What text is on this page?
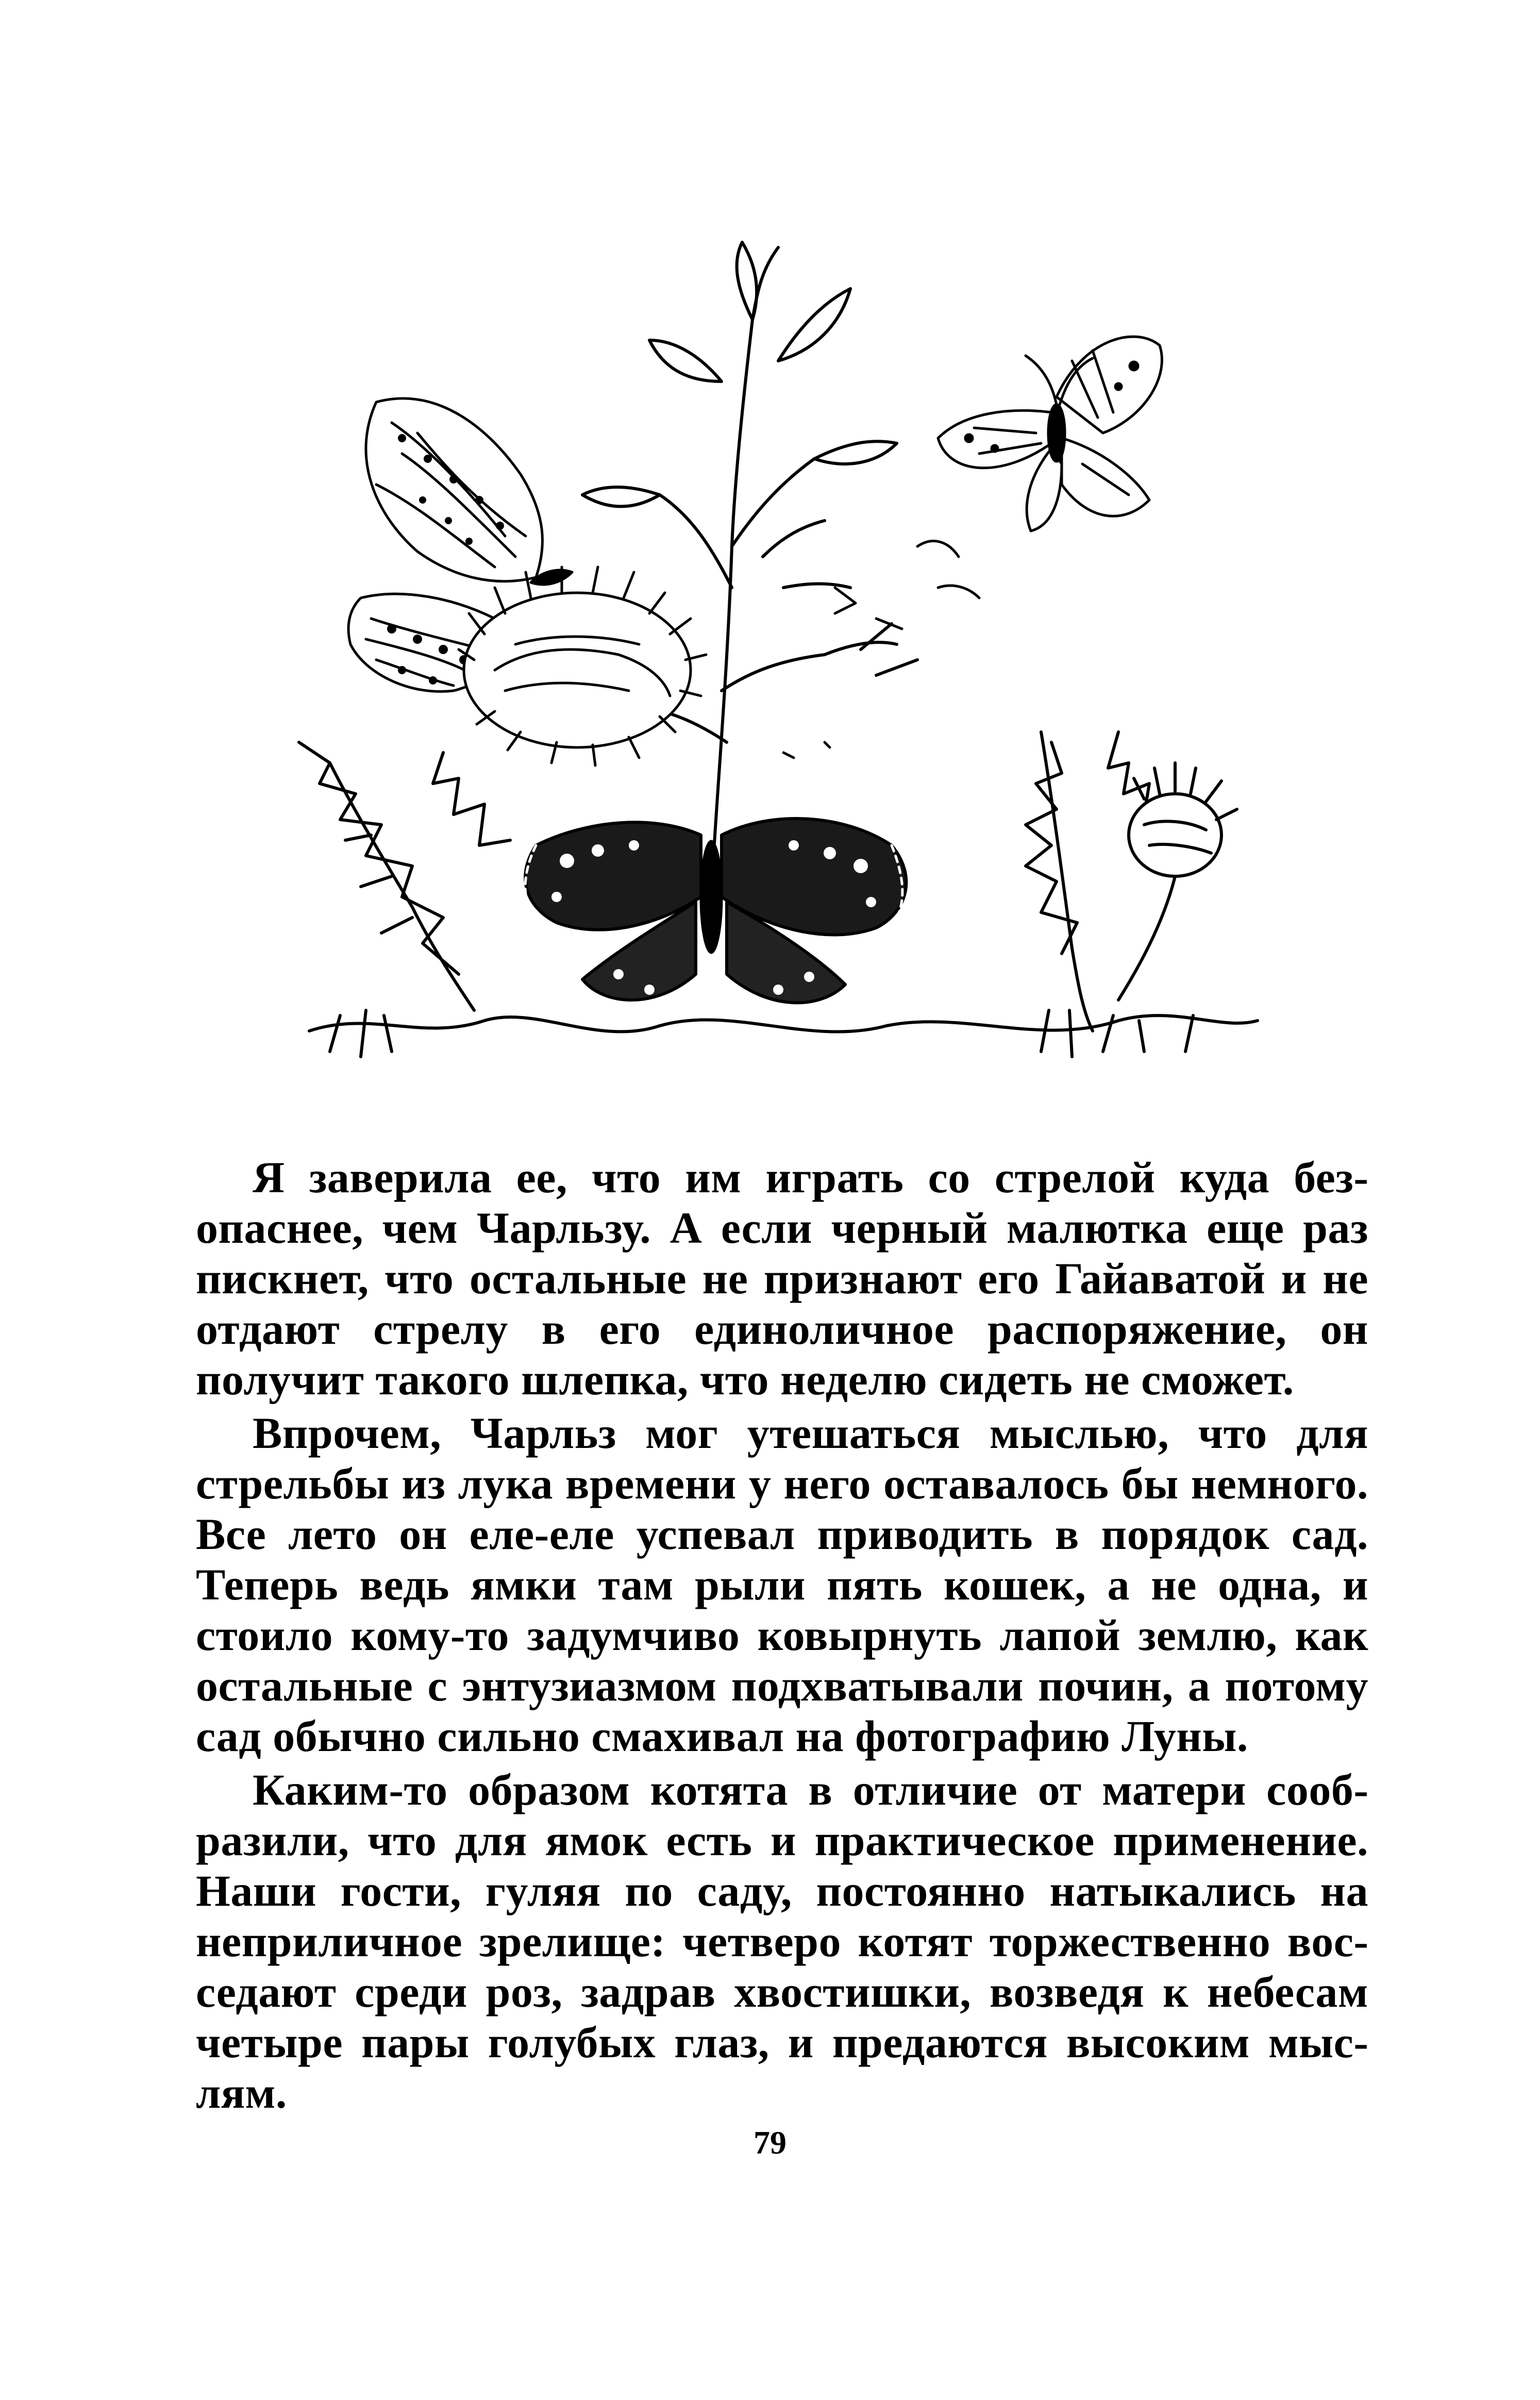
Я заверила ее, что им играть со стрелой куда безопаснее, чем Чарльзу. А если черный малютка еще раз пискнет, что остальные не признают его Гайаватой и не отдают стрелу в его единоличное распоряжение, он получит такого шлепка, что неделю сидеть не сможет.

Впрочем, Чарльз мог утешаться мыслью, что для стрельбы из лука времени у него оставалось бы немного. Все лето он еле-еле успевал приводить в порядок сад. Теперь ведь ямки там рыли пять кошек, а не одна, и стоило кому-то задумчиво ковырнуть лапой землю, как остальные с энтузиазмом подхватывали почин, а потому сад обычно сильно смахивал на фотографию Луны.

Каким-то образом котята в отличие от матери сообразили, что для ямок есть и практическое применение. Наши гости, гуляя по саду, постоянно натыкались на неприличное зрелище: четверо котят торжественно восседают среди роз, задрав хвостишки, возведя к небесам четыре пары голубых глаз, и предаются высоким мыслям.

79
